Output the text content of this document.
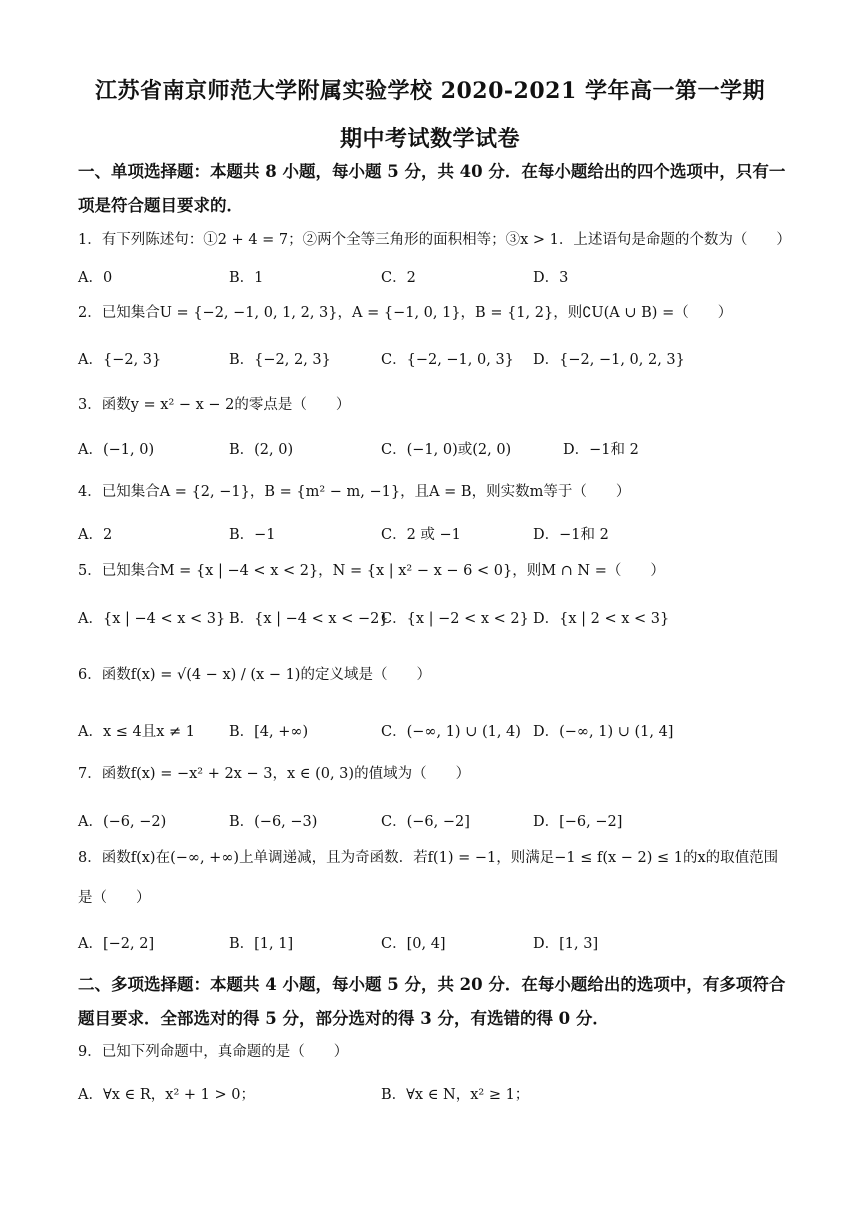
江苏省南京师范大学附属实验学校 2020-2021 学年高一第一学期
期中考试数学试卷
一、单项选择题：本题共 8 小题，每小题 5 分，共 40 分．在每小题给出的四个选项中，只有一项是符合题目要求的．
1．有下列陈述句：①2 + 4 = 7；②两个全等三角形的面积相等；③x > 1．上述语句是命题的个数为（　　）
A．0	B．1	C．2	D．3
2．已知集合U = {−2, −1, 0, 1, 2, 3}，A = {−1, 0, 1}，B = {1, 2}，则∁U(A ∪ B) =（　　）
A．{−2, 3}	B．{−2, 2, 3}	C．{−2, −1, 0, 3} D．{−2, −1, 0, 2, 3}
3．函数y = x² − x − 2的零点是（　　）
A．(−1, 0)	B．(2, 0)	C．(−1, 0)或(2, 0)	D．−1和 2
4．已知集合A = {2, −1}，B = {m² − m, −1}，且A = B，则实数m等于（　　）
A．2	B．−1	C．2 或 −1	D．−1和 2
5．已知集合M = {x | −4 < x < 2}，N = {x | x² − x − 6 < 0}，则M ∩ N =（　　）
A．{x | −4 < x < 3} B．{x | −4 < x < −2}
C．{x | −2 < x < 2} D．{x | 2 < x < 3}
6．函数f(x) = √(4 − x) / (x − 1)的定义域是（　　）
A．x ≤ 4且x ≠ 1 B．[4, +∞)	C．(−∞, 1) ∪ (1, 4) D．(−∞, 1) ∪ (1, 4]
7．函数f(x) = −x² + 2x − 3，x ∈ (0, 3)的值域为（　　）
A．(−6, −2)	B．(−6, −3)	C．(−6, −2]	D．[−6, −2]
8．函数f(x)在(−∞, +∞)上单调递减，且为奇函数．若f(1) = −1，则满足−1 ≤ f(x − 2) ≤ 1的x的取值范围是（　　）
A．[−2, 2]	B．[1, 1]	C．[0, 4]	D．[1, 3]
二、多项选择题：本题共 4 小题，每小题 5 分，共 20 分．在每小题给出的选项中，有多项符合题目要求．全部选对的得 5 分，部分选对的得 3 分，有选错的得 0 分．
9．已知下列命题中，真命题的是（　　）
A．∀x ∈ R，x² + 1 > 0；	B．∀x ∈ N，x² ≥ 1；
